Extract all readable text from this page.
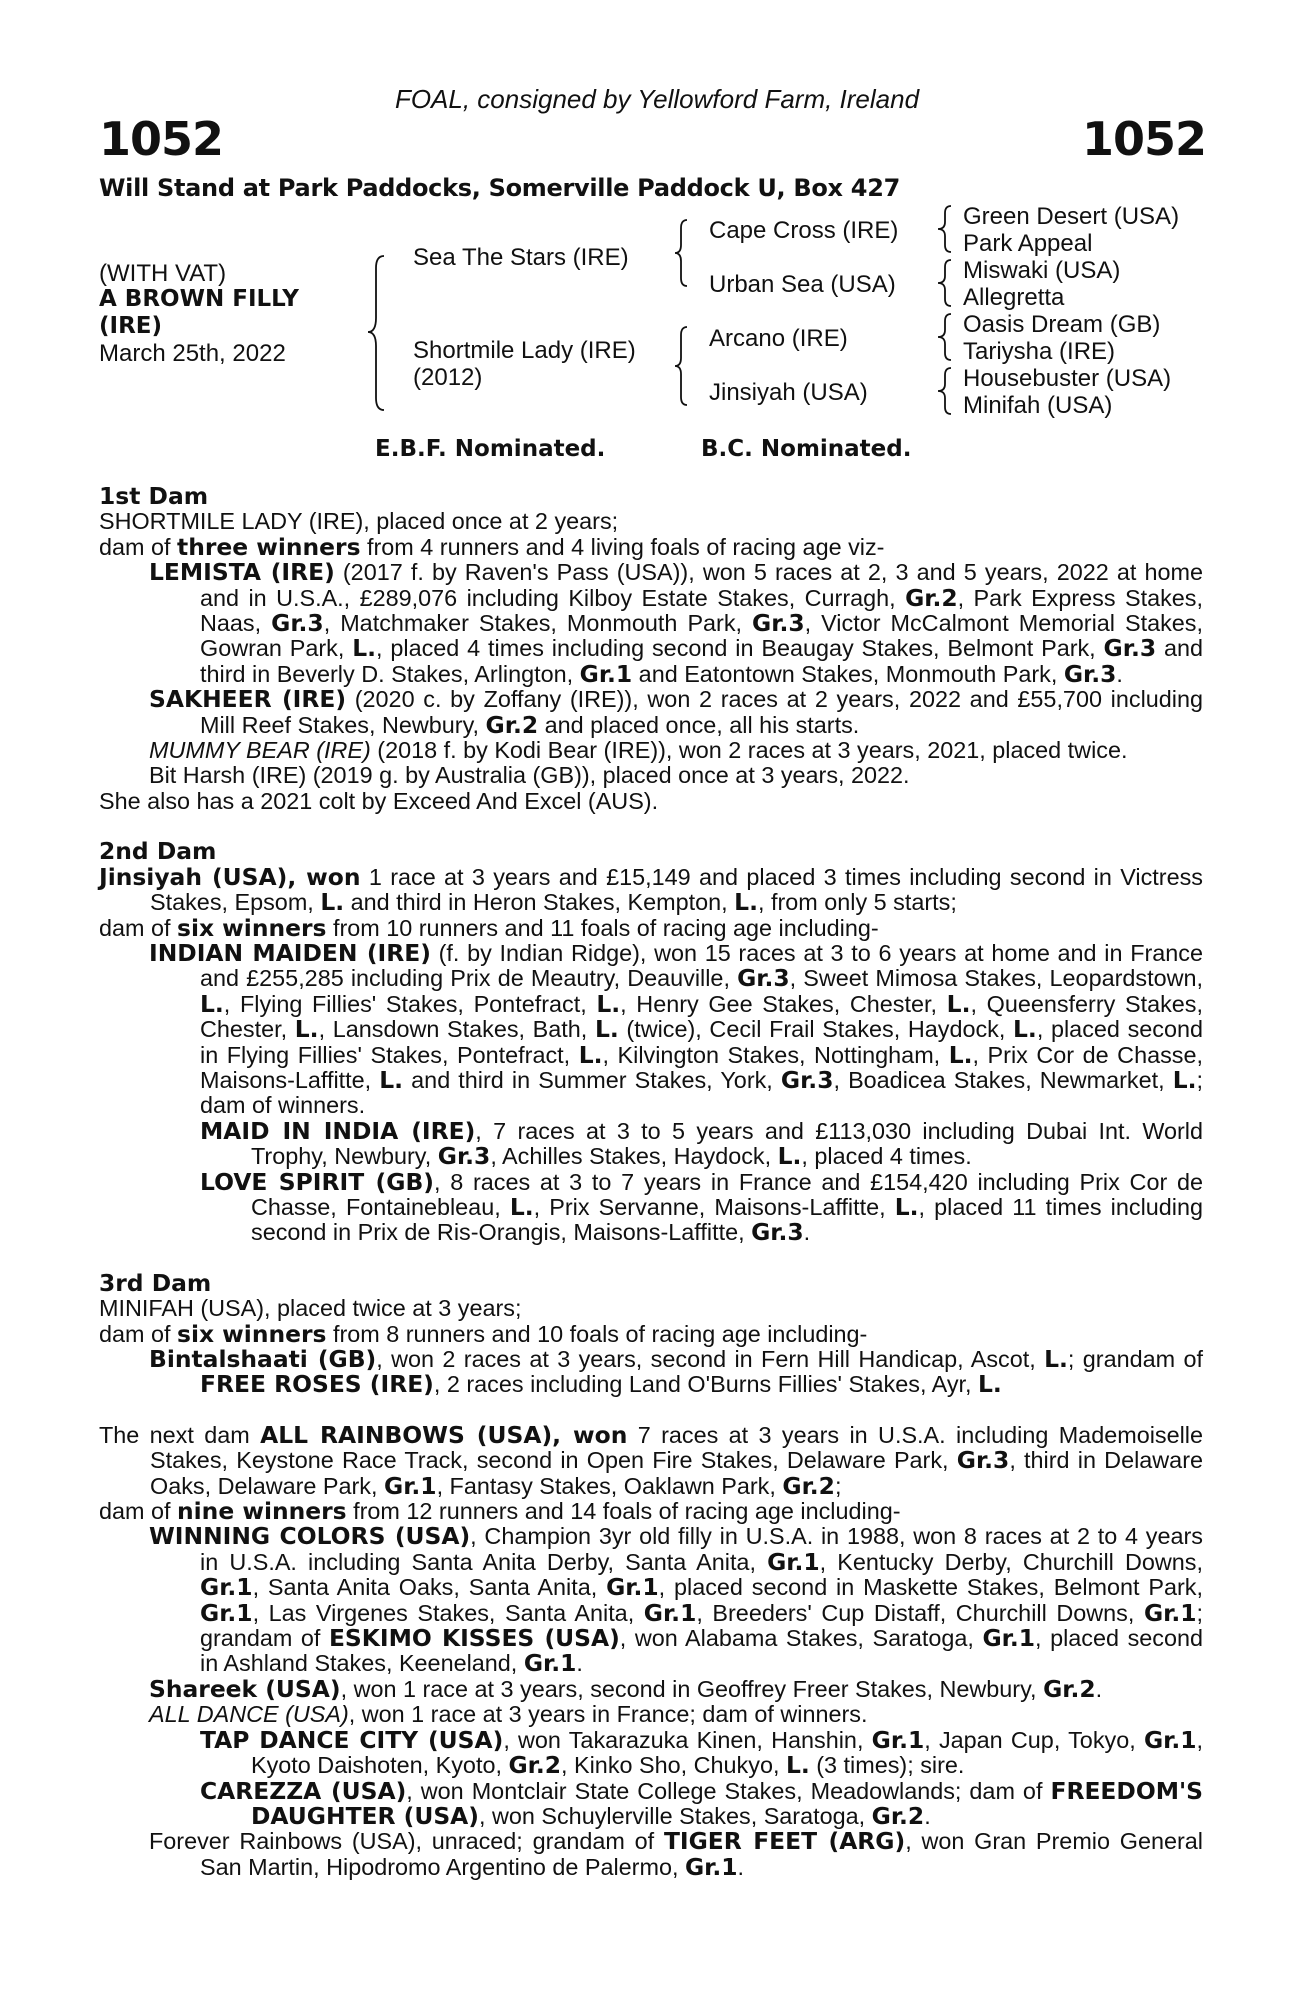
FOAL, consigned by Yellowford Farm, Ireland
1052	1052
Will Stand at Park Paddocks, Somerville Paddock U, Box 427
(WITH VAT)
A BROWN FILLY
(IRE)
March 25th, 2022
Sea The Stars (IRE)
Shortmile Lady (IRE)
(2012)
Cape Cross (IRE)
Urban Sea (USA)
Arcano (IRE)
Jinsiyah (USA)
Green Desert (USA)
Park Appeal
Miswaki (USA)
Allegretta
Oasis Dream (GB)
Tariysha (IRE)
Housebuster (USA)
Minifah (USA)
E.B.F. Nominated.	B.C. Nominated.
1st Dam
SHORTMILE LADY (IRE), placed once at 2 years;
dam of three winners from 4 runners and 4 living foals of racing age viz-
LEMISTA (IRE) (2017 f. by Raven's Pass (USA)), won 5 races at 2, 3 and 5 years, 2022 at home and in U.S.A., £289,076 including Kilboy Estate Stakes, Curragh, Gr.2, Park Express Stakes, Naas, Gr.3, Matchmaker Stakes, Monmouth Park, Gr.3, Victor McCalmont Memorial Stakes, Gowran Park, L., placed 4 times including second in Beaugay Stakes, Belmont Park, Gr.3 and third in Beverly D. Stakes, Arlington, Gr.1 and Eatontown Stakes, Monmouth Park, Gr.3.
SAKHEER (IRE) (2020 c. by Zoffany (IRE)), won 2 races at 2 years, 2022 and £55,700 including Mill Reef Stakes, Newbury, Gr.2 and placed once, all his starts.
MUMMY BEAR (IRE) (2018 f. by Kodi Bear (IRE)), won 2 races at 3 years, 2021, placed twice.
Bit Harsh (IRE) (2019 g. by Australia (GB)), placed once at 3 years, 2022.
She also has a 2021 colt by Exceed And Excel (AUS).
2nd Dam
Jinsiyah (USA), won 1 race at 3 years and £15,149 and placed 3 times including second in Victress Stakes, Epsom, L. and third in Heron Stakes, Kempton, L., from only 5 starts;
dam of six winners from 10 runners and 11 foals of racing age including-
INDIAN MAIDEN (IRE) (f. by Indian Ridge), won 15 races at 3 to 6 years at home and in France and £255,285 including Prix de Meautry, Deauville, Gr.3, Sweet Mimosa Stakes, Leopardstown, L., Flying Fillies' Stakes, Pontefract, L., Henry Gee Stakes, Chester, L., Queensferry Stakes, Chester, L., Lansdown Stakes, Bath, L. (twice), Cecil Frail Stakes, Haydock, L., placed second in Flying Fillies' Stakes, Pontefract, L., Kilvington Stakes, Nottingham, L., Prix Cor de Chasse, Maisons-Laffitte, L. and third in Summer Stakes, York, Gr.3, Boadicea Stakes, Newmarket, L.; dam of winners.
MAID IN INDIA (IRE), 7 races at 3 to 5 years and £113,030 including Dubai Int. World Trophy, Newbury, Gr.3, Achilles Stakes, Haydock, L., placed 4 times.
LOVE SPIRIT (GB), 8 races at 3 to 7 years in France and £154,420 including Prix Cor de Chasse, Fontainebleau, L., Prix Servanne, Maisons-Laffitte, L., placed 11 times including second in Prix de Ris-Orangis, Maisons-Laffitte, Gr.3.
3rd Dam
MINIFAH (USA), placed twice at 3 years;
dam of six winners from 8 runners and 10 foals of racing age including-
Bintalshaati (GB), won 2 races at 3 years, second in Fern Hill Handicap, Ascot, L.; grandam of FREE ROSES (IRE), 2 races including Land O'Burns Fillies' Stakes, Ayr, L.
The next dam ALL RAINBOWS (USA), won 7 races at 3 years in U.S.A. including Mademoiselle Stakes, Keystone Race Track, second in Open Fire Stakes, Delaware Park, Gr.3, third in Delaware Oaks, Delaware Park, Gr.1, Fantasy Stakes, Oaklawn Park, Gr.2;
dam of nine winners from 12 runners and 14 foals of racing age including-
WINNING COLORS (USA), Champion 3yr old filly in U.S.A. in 1988, won 8 races at 2 to 4 years in U.S.A. including Santa Anita Derby, Santa Anita, Gr.1, Kentucky Derby, Churchill Downs, Gr.1, Santa Anita Oaks, Santa Anita, Gr.1, placed second in Maskette Stakes, Belmont Park, Gr.1, Las Virgenes Stakes, Santa Anita, Gr.1, Breeders' Cup Distaff, Churchill Downs, Gr.1; grandam of ESKIMO KISSES (USA), won Alabama Stakes, Saratoga, Gr.1, placed second in Ashland Stakes, Keeneland, Gr.1.
Shareek (USA), won 1 race at 3 years, second in Geoffrey Freer Stakes, Newbury, Gr.2.
ALL DANCE (USA), won 1 race at 3 years in France; dam of winners.
TAP DANCE CITY (USA), won Takarazuka Kinen, Hanshin, Gr.1, Japan Cup, Tokyo, Gr.1, Kyoto Daishoten, Kyoto, Gr.2, Kinko Sho, Chukyo, L. (3 times); sire.
CAREZZA (USA), won Montclair State College Stakes, Meadowlands; dam of FREEDOM'S DAUGHTER (USA), won Schuylerville Stakes, Saratoga, Gr.2.
Forever Rainbows (USA), unraced; grandam of TIGER FEET (ARG), won Gran Premio General San Martin, Hipodromo Argentino de Palermo, Gr.1.
